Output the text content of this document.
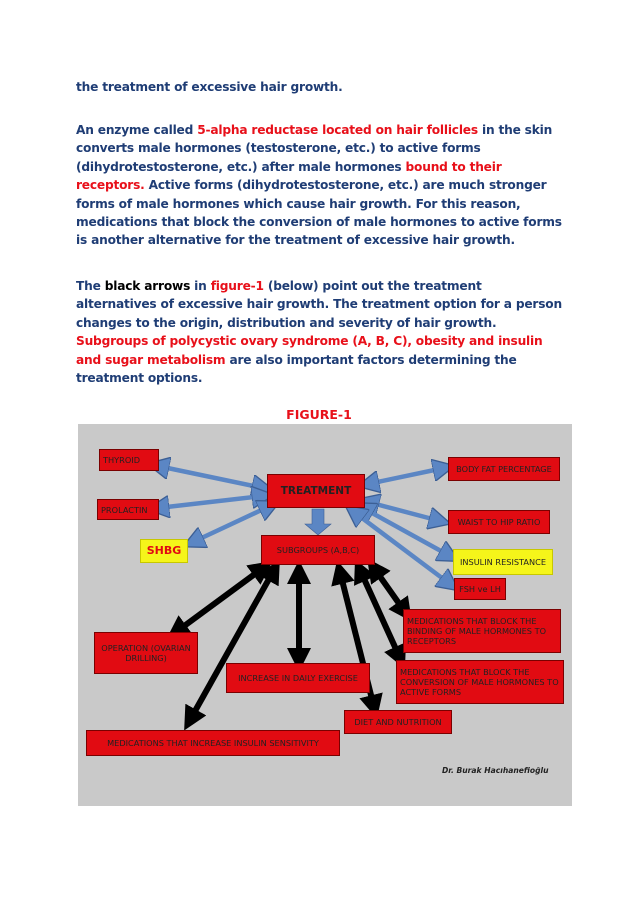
the treatment of excessive hair growth.
An enzyme called 5-alpha reductase located on hair follicles in the skin converts male hormones (testosterone, etc.) to active forms (dihydrotestosterone, etc.) after male hormones bound to their receptors. Active forms (dihydrotestosterone, etc.) are much stronger forms of male hormones which cause hair growth. For this reason, medications that block the conversion of male hormones to active forms is another alternative for the treatment of excessive hair growth.
The black arrows in figure-1 (below) point out the treatment alternatives of excessive hair growth. The treatment option for a person changes to the origin, distribution and severity of hair growth. Subgroups of polycystic ovary syndrome (A, B, C), obesity and insulin and sugar metabolism are also important factors determining the treatment options.
FIGURE-1
THYROID
PROLACTIN
SHBG
TREATMENT
SUBGROUPS (A,B,C)
BODY FAT PERCENTAGE
WAIST TO HIP RATIO
INSULIN RESISTANCE
FSH ve LH
MEDICATIONS THAT BLOCK THE BINDING OF MALE HORMONES TO RECEPTORS
MEDICATIONS THAT BLOCK THE CONVERSION OF MALE HORMONES TO ACTIVE FORMS
OPERATION (OVARIAN DRILLING)
INCREASE IN DAILY EXERCISE
DIET AND NUTRITION
MEDICATIONS THAT INCREASE INSULIN SENSITIVITY
Dr. Burak Hacıhanefioğlu
